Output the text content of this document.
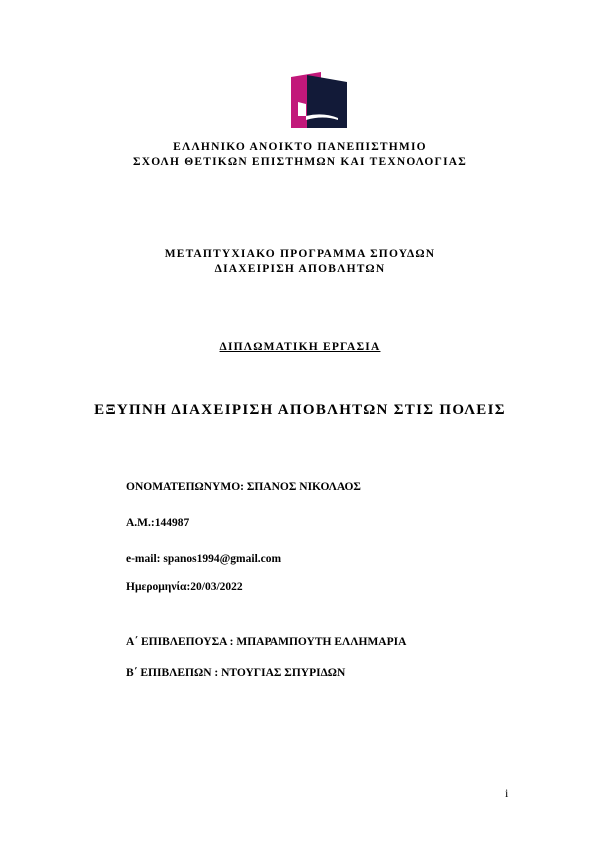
ΕΛΛΗΝΙΚΟ ΑΝΟΙΚΤΟ ΠΑΝΕΠΙΣΤΗΜΙΟ
ΣΧΟΛΗ ΘΕΤΙΚΩΝ ΕΠΙΣΤΗΜΩΝ ΚΑΙ ΤΕΧΝΟΛΟΓΙΑΣ
ΜΕΤΑΠΤΥΧΙΑΚΟ ΠΡΟΓΡΑΜΜΑ ΣΠΟΥΔΩΝ
ΔΙΑΧΕΙΡΙΣΗ ΑΠΟΒΛΗΤΩΝ
ΔΙΠΛΩΜΑΤΙΚΗ ΕΡΓΑΣΙΑ
ΕΞΥΠΝΗ ΔΙΑΧΕΙΡΙΣΗ ΑΠΟΒΛΗΤΩΝ ΣΤΙΣ ΠΟΛΕΙΣ
ΟΝΟΜΑΤΕΠΩΝΥΜΟ: ΣΠΑΝΟΣ ΝΙΚΟΛΑΟΣ
Α.Μ.:144987
e-mail: spanos1994@gmail.com
Ημερομηνία:20/03/2022
Α΄ ΕΠΙΒΛΕΠΟΥΣΑ : ΜΠΑΡΑΜΠΟΥΤΗ ΕΛΛΗΜΑΡΙΑ
Β΄ ΕΠΙΒΛΕΠΩΝ : ΝΤΟΥΓΙΑΣ ΣΠΥΡΙΔΩΝ
i
